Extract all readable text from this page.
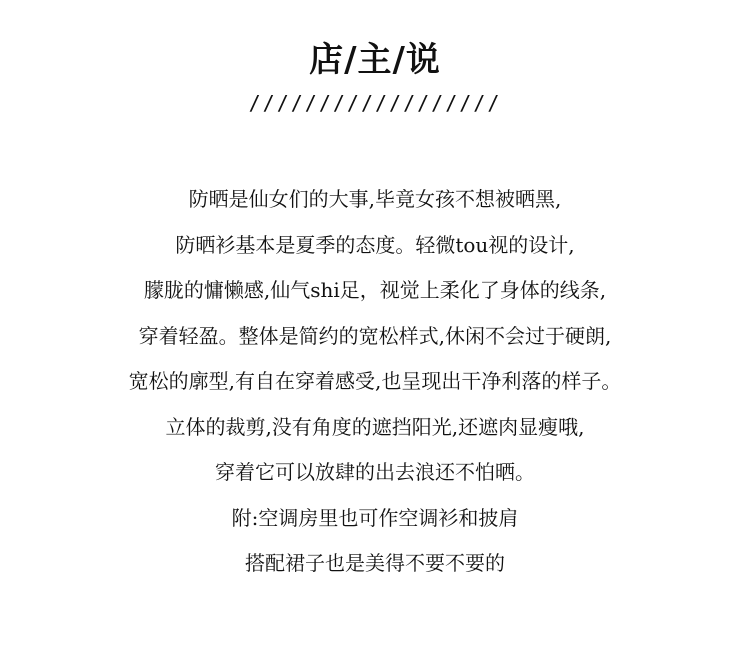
店/主/说
//////////////////
防晒是仙女们的大事,毕竟女孩不想被晒黑,
防晒衫基本是夏季的态度。轻微tou视的设计,
朦胧的慵懒感,仙气shi足，视觉上柔化了身体的线条,
穿着轻盈。整体是简约的宽松样式,休闲不会过于硬朗,
宽松的廓型,有自在穿着感受,也呈现出干净利落的样子。
立体的裁剪,没有角度的遮挡阳光,还遮肉显瘦哦,
穿着它可以放肆的出去浪还不怕晒。
附:空调房里也可作空调衫和披肩
搭配裙子也是美得不要不要的
